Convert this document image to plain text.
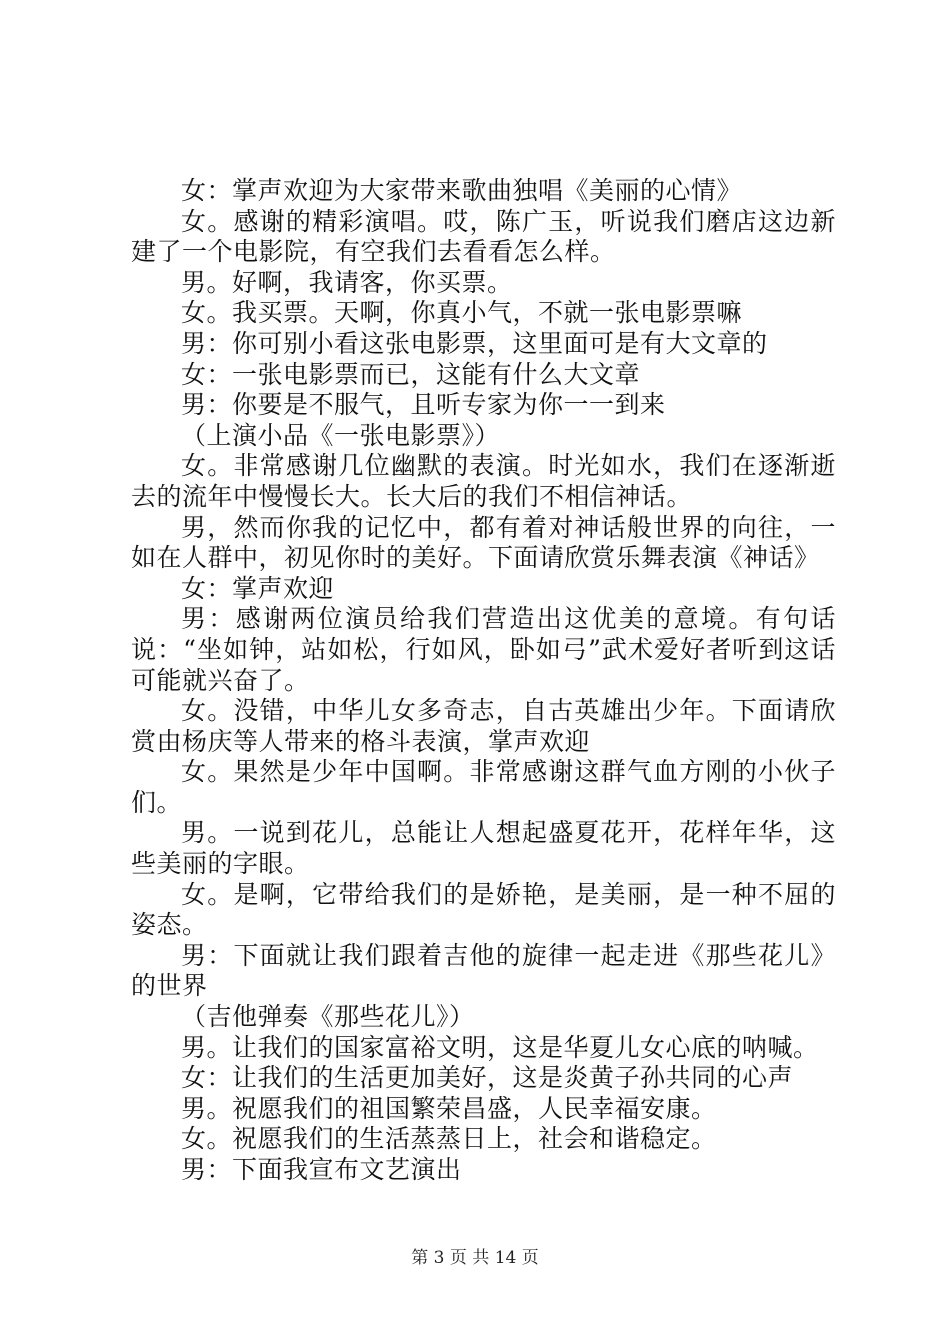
女：掌声欢迎为大家带来歌曲独唱《美丽的心情》

女。感谢的精彩演唱。哎，陈广玉，听说我们磨店这边新建了一个电影院，有空我们去看看怎么样。

男。好啊，我请客，你买票。

女。我买票。天啊，你真小气，不就一张电影票嘛

男：你可别小看这张电影票，这里面可是有大文章的

女：一张电影票而已，这能有什么大文章

男：你要是不服气，且听专家为你一一到来

（上演小品《一张电影票》）

女。非常感谢几位幽默的表演。时光如水，我们在逐渐逝去的流年中慢慢长大。长大后的我们不相信神话。

男，然而你我的记忆中，都有着对神话般世界的向往，一如在人群中，初见你时的美好。下面请欣赏乐舞表演《神话》

女：掌声欢迎

男：感谢两位演员给我们营造出这优美的意境。有句话说：“坐如钟，站如松，行如风，卧如弓”武术爱好者听到这话可能就兴奋了。

女。没错，中华儿女多奇志，自古英雄出少年。下面请欣赏由杨庆等人带来的格斗表演，掌声欢迎

女。果然是少年中国啊。非常感谢这群气血方刚的小伙子们。

男。一说到花儿，总能让人想起盛夏花开，花样年华，这些美丽的字眼。

女。是啊，它带给我们的是娇艳，是美丽，是一种不屈的姿态。

男：下面就让我们跟着吉他的旋律一起走进《那些花儿》的世界

（吉他弹奏《那些花儿》）

男。让我们的国家富裕文明，这是华夏儿女心底的呐喊。

女：让我们的生活更加美好，这是炎黄子孙共同的心声

男。祝愿我们的祖国繁荣昌盛，人民幸福安康。

女。祝愿我们的生活蒸蒸日上，社会和谐稳定。

男：下面我宣布文艺演出

第 3 页 共 14 页
